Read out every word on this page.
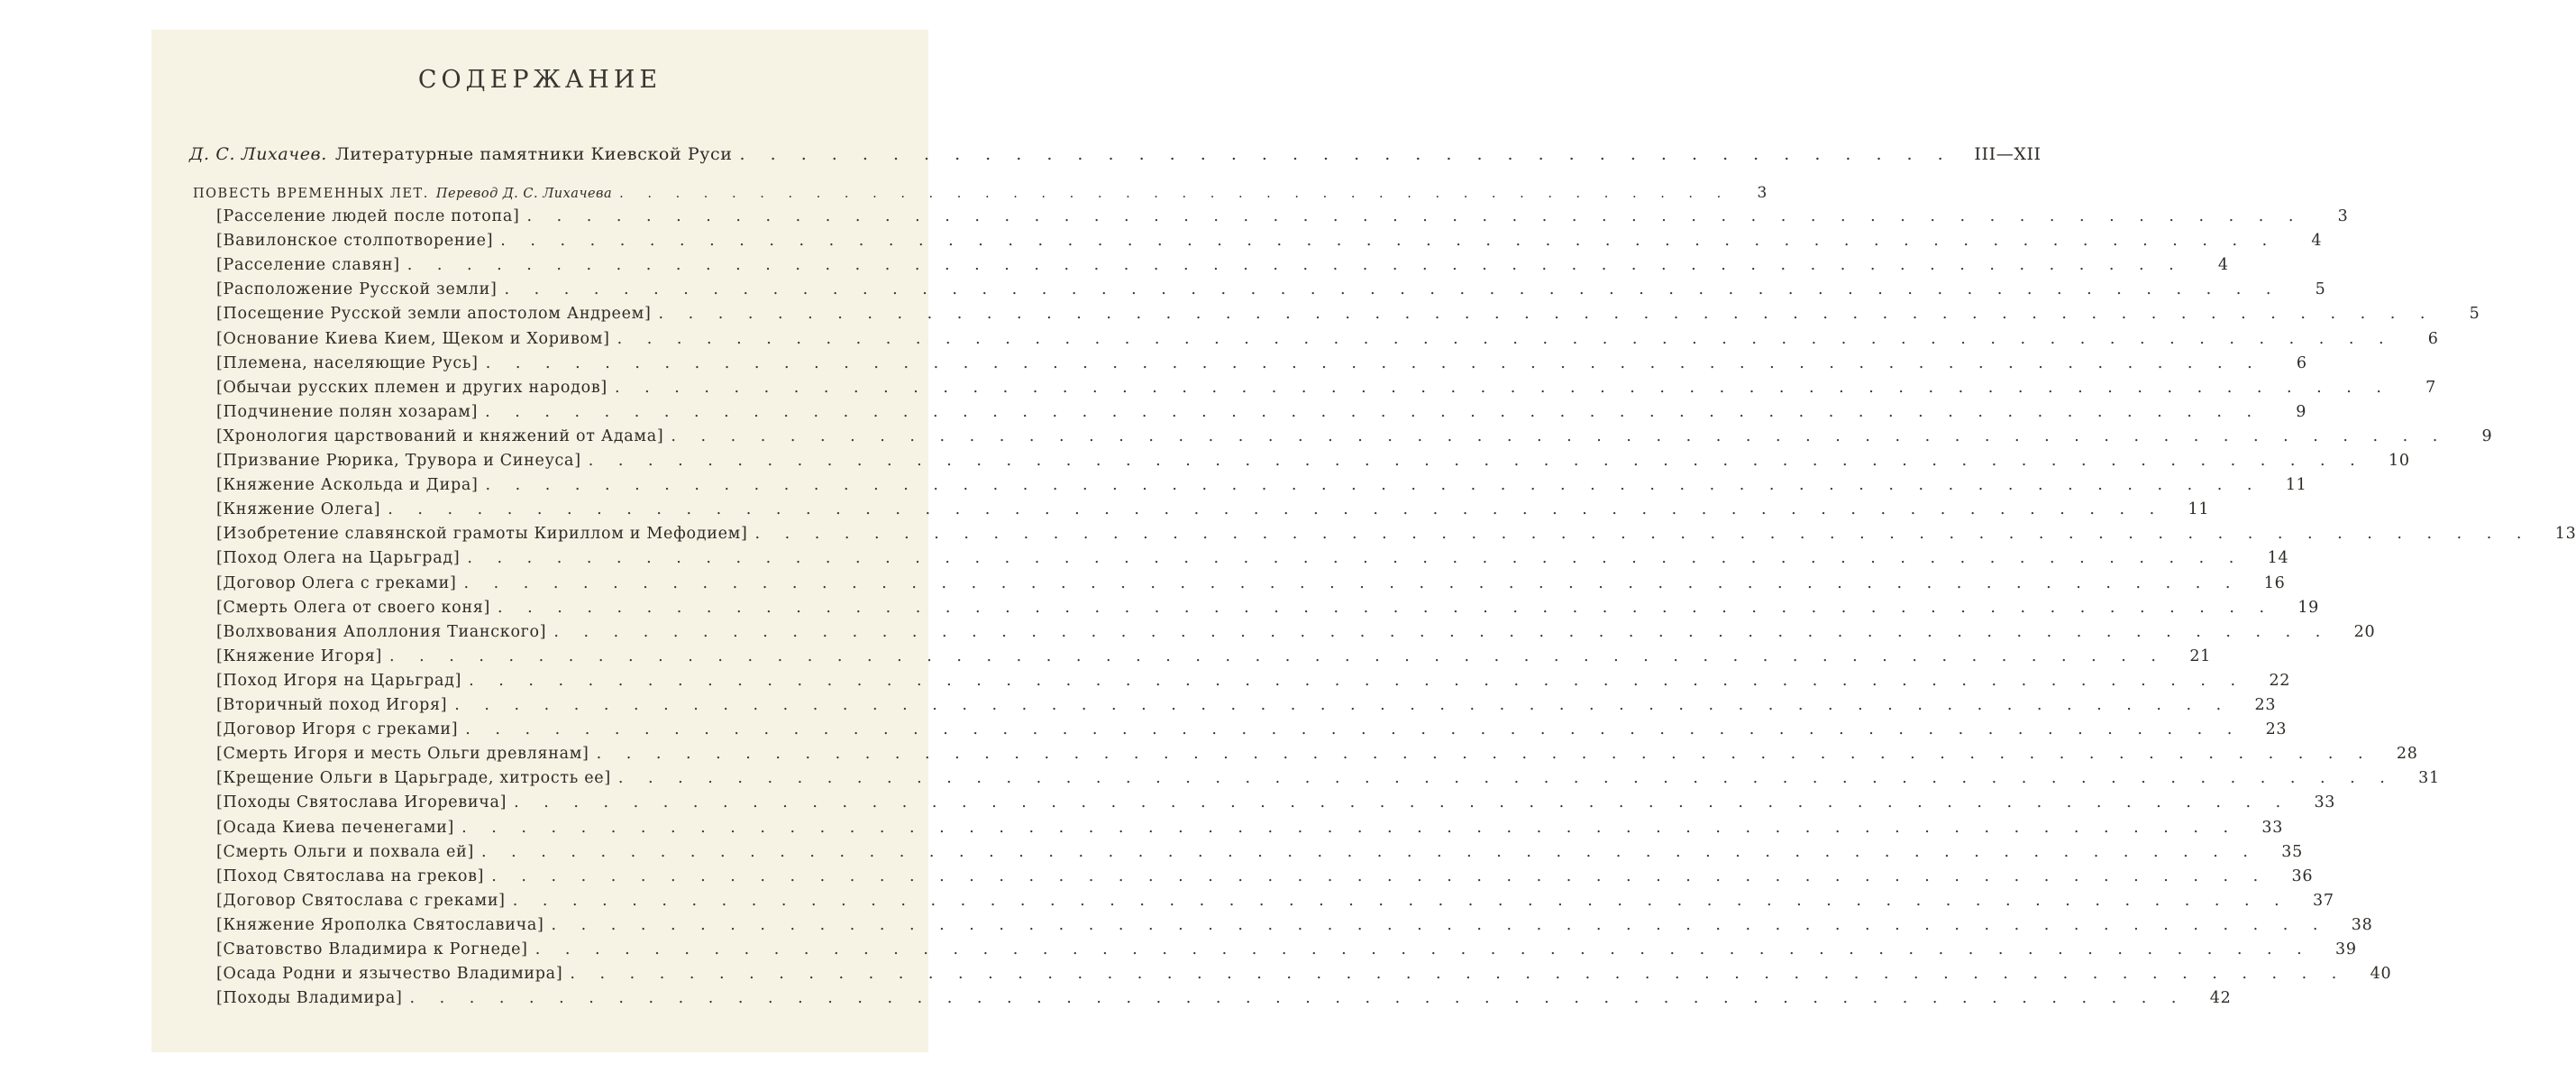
СОДЕРЖАНИЕ
Д. С. Лихачев. Литературные памятники Киевской Руси . . . . . . . . . . . . . . . . . . . . . . . . . . . . . . . . . . . . . . . .	III—XII
ПОВЕСТЬ ВРЕМЕННЫХ ЛЕТ. Перевод Д. С. Лихачева . . . . . . . . . . . . . . . . . . . . . . . . . . . . . . . . . . . . . . . .	3
[Расселение людей после потопа] . . . . . . . . . . . . . . . . . . . . . . . . . . . . . . . . . . . . . . . . . . . . . . . . . . . . . . . . . . . .	3
[Вавилонское столпотворение] . . . . . . . . . . . . . . . . . . . . . . . . . . . . . . . . . . . . . . . . . . . . . . . . . . . . . . . . . . . .	4
[Расселение славян] . . . . . . . . . . . . . . . . . . . . . . . . . . . . . . . . . . . . . . . . . . . . . . . . . . . . . . . . . . . .	4
[Расположение Русской земли] . . . . . . . . . . . . . . . . . . . . . . . . . . . . . . . . . . . . . . . . . . . . . . . . . . . . . . . . . . . .	5
[Посещение Русской земли апостолом Андреем] . . . . . . . . . . . . . . . . . . . . . . . . . . . . . . . . . . . . . . . . . . . . . . . . . . . . . . . . . . . .	5
[Основание Киева Кием, Щеком и Хоривом] . . . . . . . . . . . . . . . . . . . . . . . . . . . . . . . . . . . . . . . . . . . . . . . . . . . . . . . . . . . .	6
[Племена, населяющие Русь] . . . . . . . . . . . . . . . . . . . . . . . . . . . . . . . . . . . . . . . . . . . . . . . . . . . . . . . . . . . .	6
[Обычаи русских племен и других народов] . . . . . . . . . . . . . . . . . . . . . . . . . . . . . . . . . . . . . . . . . . . . . . . . . . . . . . . . . . . .	7
[Подчинение полян хозарам] . . . . . . . . . . . . . . . . . . . . . . . . . . . . . . . . . . . . . . . . . . . . . . . . . . . . . . . . . . . .	9
[Хронология царствований и княжений от Адама] . . . . . . . . . . . . . . . . . . . . . . . . . . . . . . . . . . . . . . . . . . . . . . . . . . . . . . . . . . . .	9
[Призвание Рюрика, Трувора и Синеуса] . . . . . . . . . . . . . . . . . . . . . . . . . . . . . . . . . . . . . . . . . . . . . . . . . . . . . . . . . . . .	10
[Княжение Аскольда и Дира] . . . . . . . . . . . . . . . . . . . . . . . . . . . . . . . . . . . . . . . . . . . . . . . . . . . . . . . . . . . .	11
[Княжение Олега] . . . . . . . . . . . . . . . . . . . . . . . . . . . . . . . . . . . . . . . . . . . . . . . . . . . . . . . . . . . .	11
[Изобретение славянской грамоты Кириллом и Мефодием] . . . . . . . . . . . . . . . . . . . . . . . . . . . . . . . . . . . . . . . . . . . . . . . . . . . . . . . . . . . .	13
[Поход Олега на Царьград] . . . . . . . . . . . . . . . . . . . . . . . . . . . . . . . . . . . . . . . . . . . . . . . . . . . . . . . . . . . .	14
[Договор Олега с греками] . . . . . . . . . . . . . . . . . . . . . . . . . . . . . . . . . . . . . . . . . . . . . . . . . . . . . . . . . . . .	16
[Смерть Олега от своего коня] . . . . . . . . . . . . . . . . . . . . . . . . . . . . . . . . . . . . . . . . . . . . . . . . . . . . . . . . . . . .	19
[Волхвования Аполлония Тианского] . . . . . . . . . . . . . . . . . . . . . . . . . . . . . . . . . . . . . . . . . . . . . . . . . . . . . . . . . . . .	20
[Княжение Игоря] . . . . . . . . . . . . . . . . . . . . . . . . . . . . . . . . . . . . . . . . . . . . . . . . . . . . . . . . . . . .	21
[Поход Игоря на Царьград] . . . . . . . . . . . . . . . . . . . . . . . . . . . . . . . . . . . . . . . . . . . . . . . . . . . . . . . . . . . .	22
[Вторичный поход Игоря] . . . . . . . . . . . . . . . . . . . . . . . . . . . . . . . . . . . . . . . . . . . . . . . . . . . . . . . . . . . .	23
[Договор Игоря с греками] . . . . . . . . . . . . . . . . . . . . . . . . . . . . . . . . . . . . . . . . . . . . . . . . . . . . . . . . . . . .	23
[Смерть Игоря и месть Ольги древлянам] . . . . . . . . . . . . . . . . . . . . . . . . . . . . . . . . . . . . . . . . . . . . . . . . . . . . . . . . . . . .	28
[Крещение Ольги в Царьграде, хитрость ее] . . . . . . . . . . . . . . . . . . . . . . . . . . . . . . . . . . . . . . . . . . . . . . . . . . . . . . . . . . . .	31
[Походы Святослава Игоревича] . . . . . . . . . . . . . . . . . . . . . . . . . . . . . . . . . . . . . . . . . . . . . . . . . . . . . . . . . . . .	33
[Осада Киева печенегами] . . . . . . . . . . . . . . . . . . . . . . . . . . . . . . . . . . . . . . . . . . . . . . . . . . . . . . . . . . . .	33
[Смерть Ольги и похвала ей] . . . . . . . . . . . . . . . . . . . . . . . . . . . . . . . . . . . . . . . . . . . . . . . . . . . . . . . . . . . .	35
[Поход Святослава на греков] . . . . . . . . . . . . . . . . . . . . . . . . . . . . . . . . . . . . . . . . . . . . . . . . . . . . . . . . . . . .	36
[Договор Святослава с греками] . . . . . . . . . . . . . . . . . . . . . . . . . . . . . . . . . . . . . . . . . . . . . . . . . . . . . . . . . . . .	37
[Княжение Ярополка Святославича] . . . . . . . . . . . . . . . . . . . . . . . . . . . . . . . . . . . . . . . . . . . . . . . . . . . . . . . . . . . .	38
[Сватовство Владимира к Рогнеде] . . . . . . . . . . . . . . . . . . . . . . . . . . . . . . . . . . . . . . . . . . . . . . . . . . . . . . . . . . . .	39
[Осада Родни и язычество Владимира] . . . . . . . . . . . . . . . . . . . . . . . . . . . . . . . . . . . . . . . . . . . . . . . . . . . . . . . . . . . .	40
[Походы Владимира] . . . . . . . . . . . . . . . . . . . . . . . . . . . . . . . . . . . . . . . . . . . . . . . . . . . . . . . . . . . .	42
